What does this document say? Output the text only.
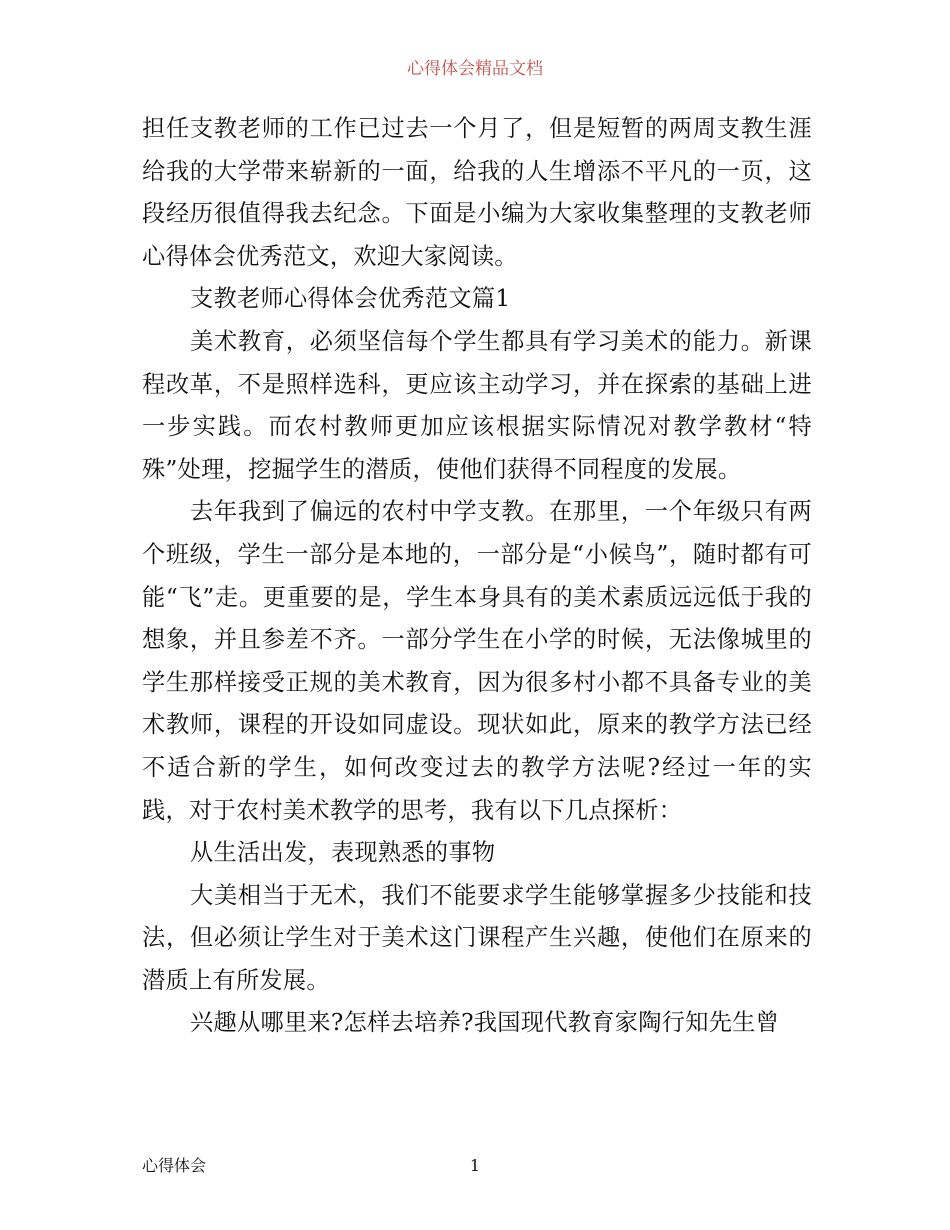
心得体会精品文档

担任支教老师的工作已过去一个月了，但是短暂的两周支教生涯给我的大学带来崭新的一面，给我的人生增添不平凡的一页，这段经历很值得我去纪念。下面是小编为大家收集整理的支教老师心得体会优秀范文，欢迎大家阅读。

支教老师心得体会优秀范文篇1

美术教育，必须坚信每个学生都具有学习美术的能力。新课程改革，不是照样选科，更应该主动学习，并在探索的基础上进一步实践。而农村教师更加应该根据实际情况对教学教材“特殊”处理，挖掘学生的潜质，使他们获得不同程度的发展。

去年我到了偏远的农村中学支教。在那里，一个年级只有两个班级，学生一部分是本地的，一部分是“小候鸟”，随时都有可能“飞”走。更重要的是，学生本身具有的美术素质远远低于我的想象，并且参差不齐。一部分学生在小学的时候，无法像城里的学生那样接受正规的美术教育，因为很多村小都不具备专业的美术教师，课程的开设如同虚设。现状如此，原来的教学方法已经不适合新的学生，如何改变过去的教学方法呢?经过一年的实践，对于农村美术教学的思考，我有以下几点探析：

从生活出发，表现熟悉的事物

大美相当于无术，我们不能要求学生能够掌握多少技能和技法，但必须让学生对于美术这门课程产生兴趣，使他们在原来的潜质上有所发展。

兴趣从哪里来?怎样去培养?我国现代教育家陶行知先生曾

心得体会	1
